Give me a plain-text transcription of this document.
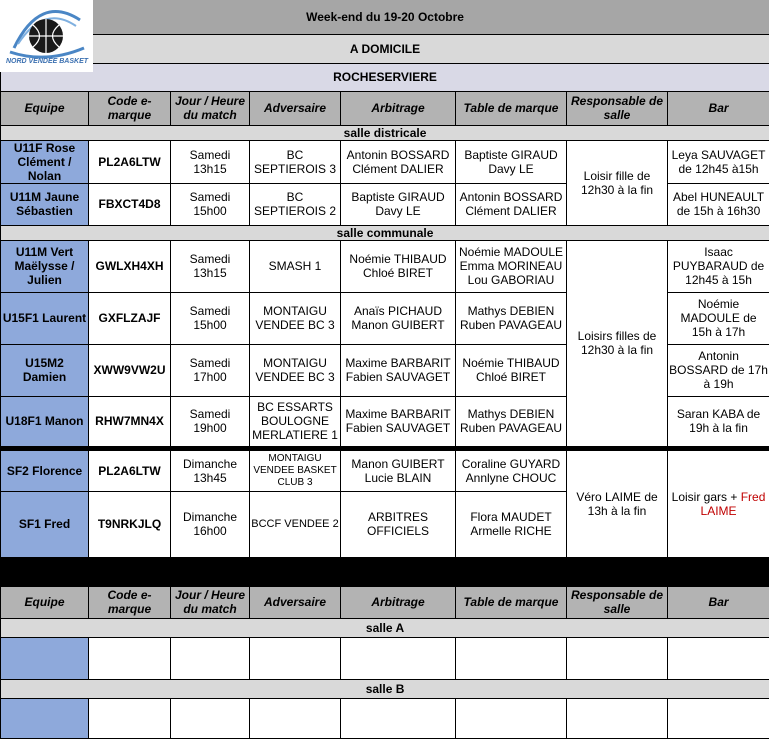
NORD VENDÉE BASKET
Week-end du 19-20 Octobre							
A DOMICILE							
ROCHESERVIERE							
Equipe	Code e-marque	Jour / Heure du match	Adversaire	Arbitrage	Table de marque	Responsable de salle	Bar
salle districale							
U11F Rose Clément / Nolan	PL2A6LTW	Samedi 13h15	BC SEPTIEROIS 3	Antonin BOSSARD Clément DALIER	Baptiste GIRAUD Davy LE	Loisir fille de 12h30 à la fin	Leya SAUVAGET de 12h45 à15h
U11M Jaune Sébastien	FBXCT4D8	Samedi 15h00	BC SEPTIEROIS 2	Baptiste GIRAUD Davy LE	Antonin BOSSARD Clément DALIER		Abel HUNEAULT de 15h à 16h30
salle communale							
U11M Vert Maëlysse / Julien	GWLXH4XH	Samedi 13h15	SMASH 1	Noémie THIBAUD Chloé BIRET	Noémie MADOULE Emma MORINEAU Lou GABORIAU	Loisirs filles de 12h30 à la fin	Isaac PUYBARAUD de 12h45 à 15h
U15F1 Laurent	GXFLZAJF	Samedi 15h00	MONTAIGU VENDEE BC 3	Anaïs PICHAUD Manon GUIBERT	Mathys DEBIEN Ruben PAVAGEAU		Noémie MADOULE de 15h à 17h
U15M2 Damien	XWW9VW2U	Samedi 17h00	MONTAIGU VENDEE BC 3	Maxime BARBARIT Fabien SAUVAGET	Noémie THIBAUD Chloé BIRET		Antonin BOSSARD de 17h à 19h
U18F1 Manon	RHW7MN4X	Samedi 19h00	BC ESSARTS BOULOGNE MERLATIERE 1	Maxime BARBARIT Fabien SAUVAGET	Mathys DEBIEN Ruben PAVAGEAU		Saran KABA de 19h à la fin

SF2 Florence	PL2A6LTW	Dimanche 13h45	MONTAIGU VENDEE BASKET CLUB 3	Manon GUIBERT Lucie BLAIN	Coraline GUYARD Annlyne CHOUC	Véro LAIME de 13h à la fin	Loisir gars + Fred LAIME
SF1 Fred	T9NRKJLQ	Dimanche 16h00	BCCF VENDEE 2	ARBITRES OFFICIELS	Flora MAUDET Armelle RICHE		
ST PHILBERT DE BOUAINE							
Equipe	Code e-marque	Jour / Heure du match	Adversaire	Arbitrage	Table de marque	Responsable de salle	Bar
salle A							

salle B							
